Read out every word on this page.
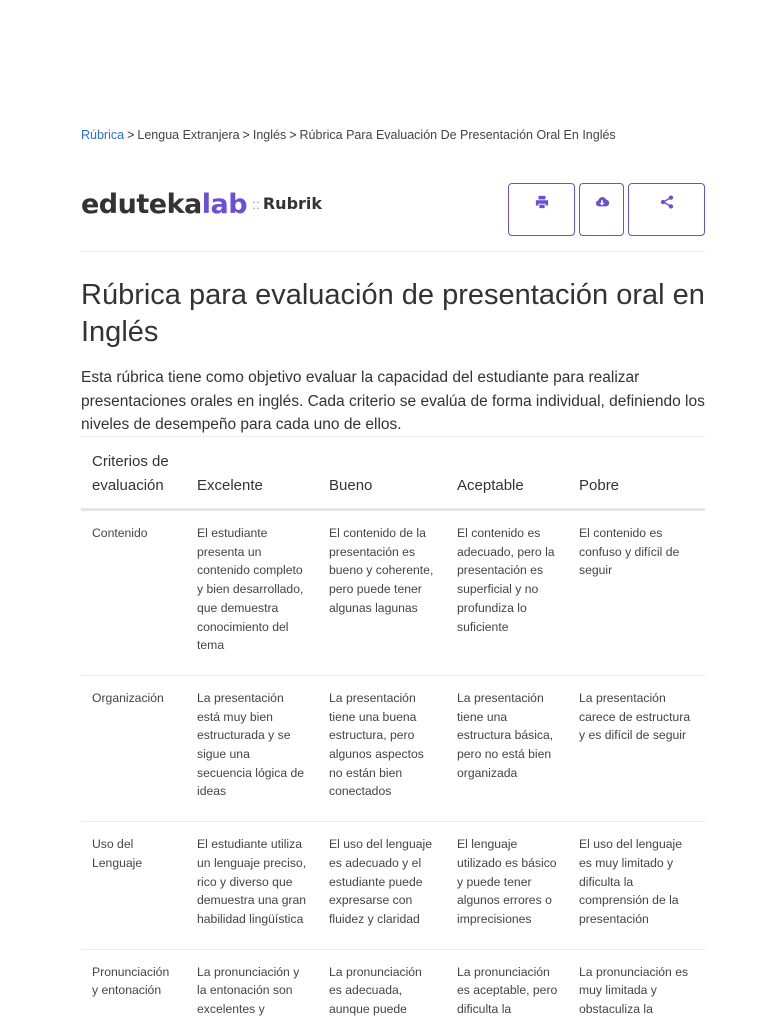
Rúbrica > Lengua Extranjera > Inglés > Rúbrica Para Evaluación De Presentación Oral En Inglés
edutekalab :: Rubrik
Rúbrica para evaluación de presentación oral en Inglés

Esta rúbrica tiene como objetivo evaluar la capacidad del estudiante para realizar presentaciones orales en inglés. Cada criterio se evalúa de forma individual, definiendo los niveles de desempeño para cada uno de ellos.

Criterios de evaluación	Excelente	Bueno	Aceptable	Pobre
Contenido	El estudiante presenta un contenido completo y bien desarrollado, que demuestra conocimiento del tema	El contenido de la presentación es bueno y coherente, pero puede tener algunas lagunas	El contenido es adecuado, pero la presentación es superficial y no profundiza lo suficiente	El contenido es confuso y difícil de seguir
Organización	La presentación está muy bien estructurada y se sigue una secuencia lógica de ideas	La presentación tiene una buena estructura, pero algunos aspectos no están bien conectados	La presentación tiene una estructura básica, pero no está bien organizada	La presentación carece de estructura y es difícil de seguir
Uso del Lenguaje	El estudiante utiliza un lenguaje preciso, rico y diverso que demuestra una gran habilidad lingüística	El uso del lenguaje es adecuado y el estudiante puede expresarse con fluidez y claridad	El lenguaje utilizado es básico y puede tener algunos errores o imprecisiones	El uso del lenguaje es muy limitado y dificulta la comprensión de la presentación
Pronunciación y entonación	La pronunciación y la entonación son excelentes y	La pronunciación es adecuada, aunque puede	La pronunciación es aceptable, pero dificulta la	La pronunciación es muy limitada y obstaculiza la
